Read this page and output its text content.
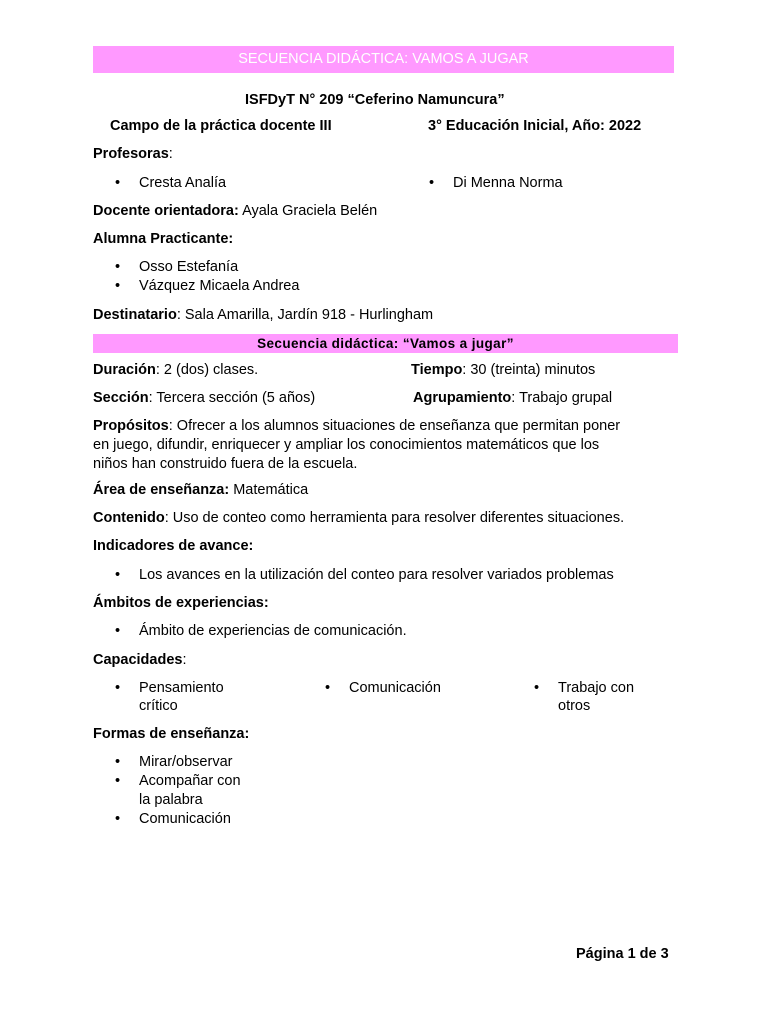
SECUENCIA DIDÁCTICA: VAMOS A JUGAR
ISFDyT N° 209 “Ceferino Namuncura”
Campo de la práctica docente III	3° Educación Inicial, Año: 2022
Profesoras:
• Cresta Analía	• Di Menna Norma
Docente orientadora: Ayala Graciela Belén
Alumna Practicante:
• Osso Estefanía
• Vázquez Micaela Andrea
Destinatario: Sala Amarilla, Jardín 918 - Hurlingham
Secuencia didáctica: “Vamos a jugar”
Duración: 2 (dos) clases.	Tiempo: 30 (treinta) minutos
Sección: Tercera sección (5 años)	Agrupamiento: Trabajo grupal
Propósitos: Ofrecer a los alumnos situaciones de enseñanza que permitan poner
en juego, difundir, enriquecer y ampliar los conocimientos matemáticos que los
niños han construido fuera de la escuela.
Área de enseñanza: Matemática
Contenido: Uso de conteo como herramienta para resolver diferentes situaciones.
Indicadores de avance:
• Los avances en la utilización del conteo para resolver variados problemas
Ámbitos de experiencias:
• Ámbito de experiencias de comunicación.
Capacidades:
• Pensamiento
crítico
• Comunicación	• Trabajo con
otros
Formas de enseñanza:
• Mirar/observar
• Acompañar con
la palabra
• Comunicación
Página 1 de 3
